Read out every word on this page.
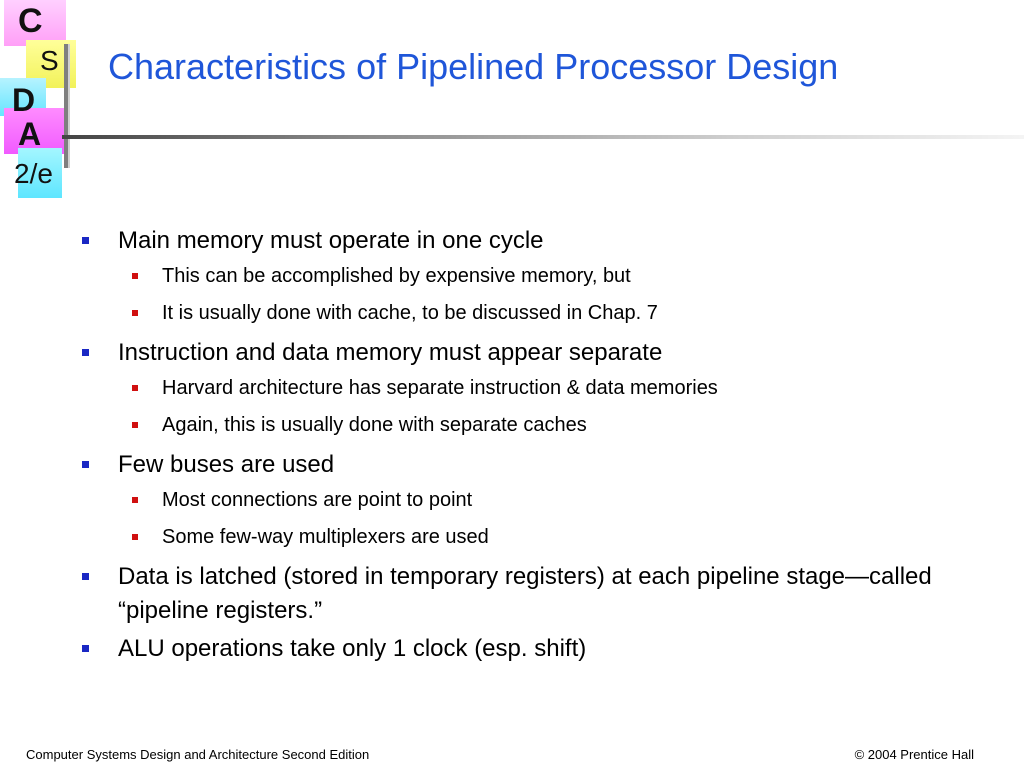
C
S
D
A
2/e
Characteristics of Pipelined Processor Design
Main memory must operate in one cycle
This can be accomplished by expensive memory, but
It is usually done with cache, to be discussed in Chap. 7
Instruction and data memory must appear separate
Harvard architecture has separate instruction & data memories
Again, this is usually done with separate caches
Few buses are used
Most connections are point to point
Some few-way multiplexers are used
Data is latched (stored in temporary registers) at each pipeline stage—called “pipeline registers.”
ALU operations take only 1 clock (esp. shift)
Computer Systems Design and Architecture Second Edition	© 2004 Prentice Hall
